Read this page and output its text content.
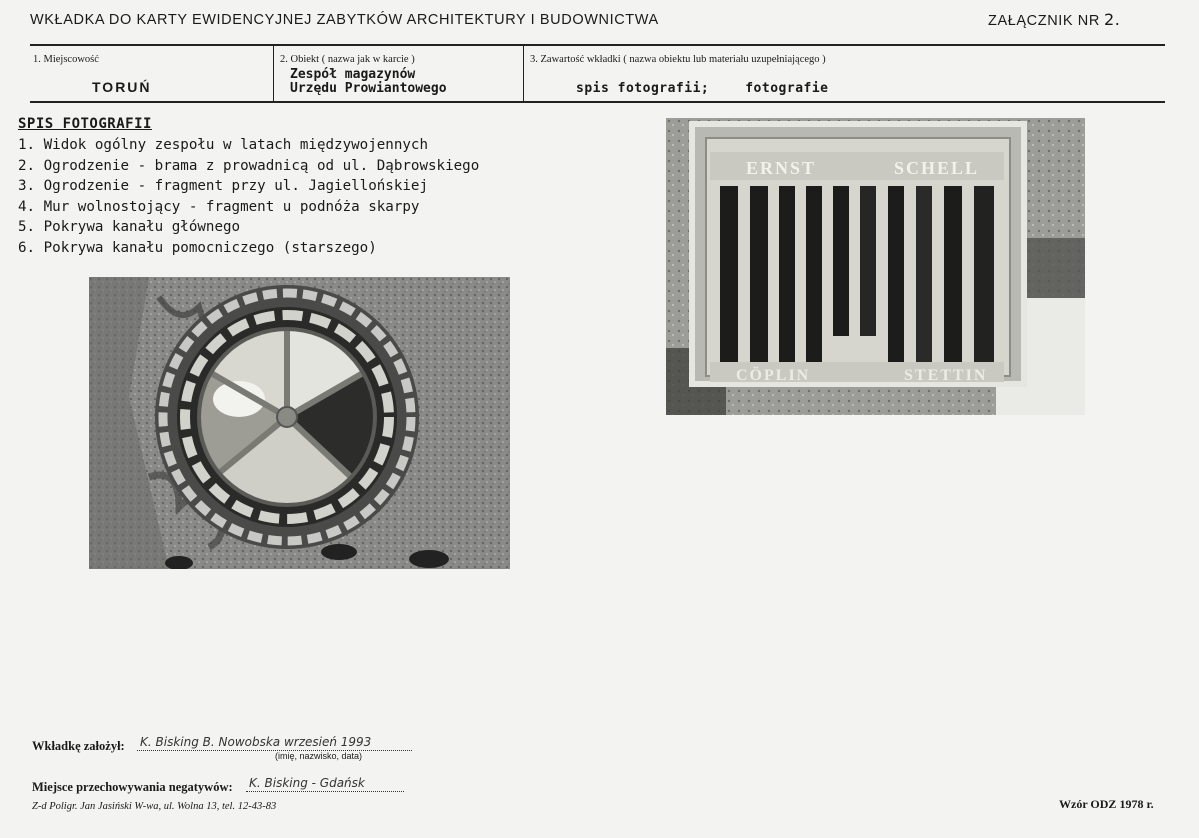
WKŁADKA DO KARTY EWIDENCYJNEJ ZABYTKÓW ARCHITEKTURY I BUDOWNICTWA	ZAŁĄCZNIK NR 2.
1. Miejscowość
TORUŃ
2. Obiekt ( nazwa jak w karcie )
Zespół magazynów
Urzędu Prowiantowego
3. Zawartość wkładki ( nazwa obiektu lub materiału uzupełniającego )
spis fotografii;	fotografie
SPIS FOTOGRAFII
1. Widok ogólny zespołu w latach międzywojennych
2. Ogrodzenie - brama z prowadnicą od ul. Dąbrowskiego
3. Ogrodzenie - fragment przy ul. Jagiellońskiej
4. Mur wolnostojący - fragment u podnóża skarpy
5. Pokrywa kanału głównego
6. Pokrywa kanału pomocniczego (starszego)
ERNST	SCHELL
CÖPLIN	STETTIN
Wkładkę założył: K. Bisking B. Nowobska wrzesień 1993
(imię, nazwisko, data)
Miejsce przechowywania negatywów: K. Bisking - Gdańsk
Z-d Poligr. Jan Jasiński W-wa, ul. Wolna 13, tel. 12-43-83	Wzór ODZ 1978 r.
